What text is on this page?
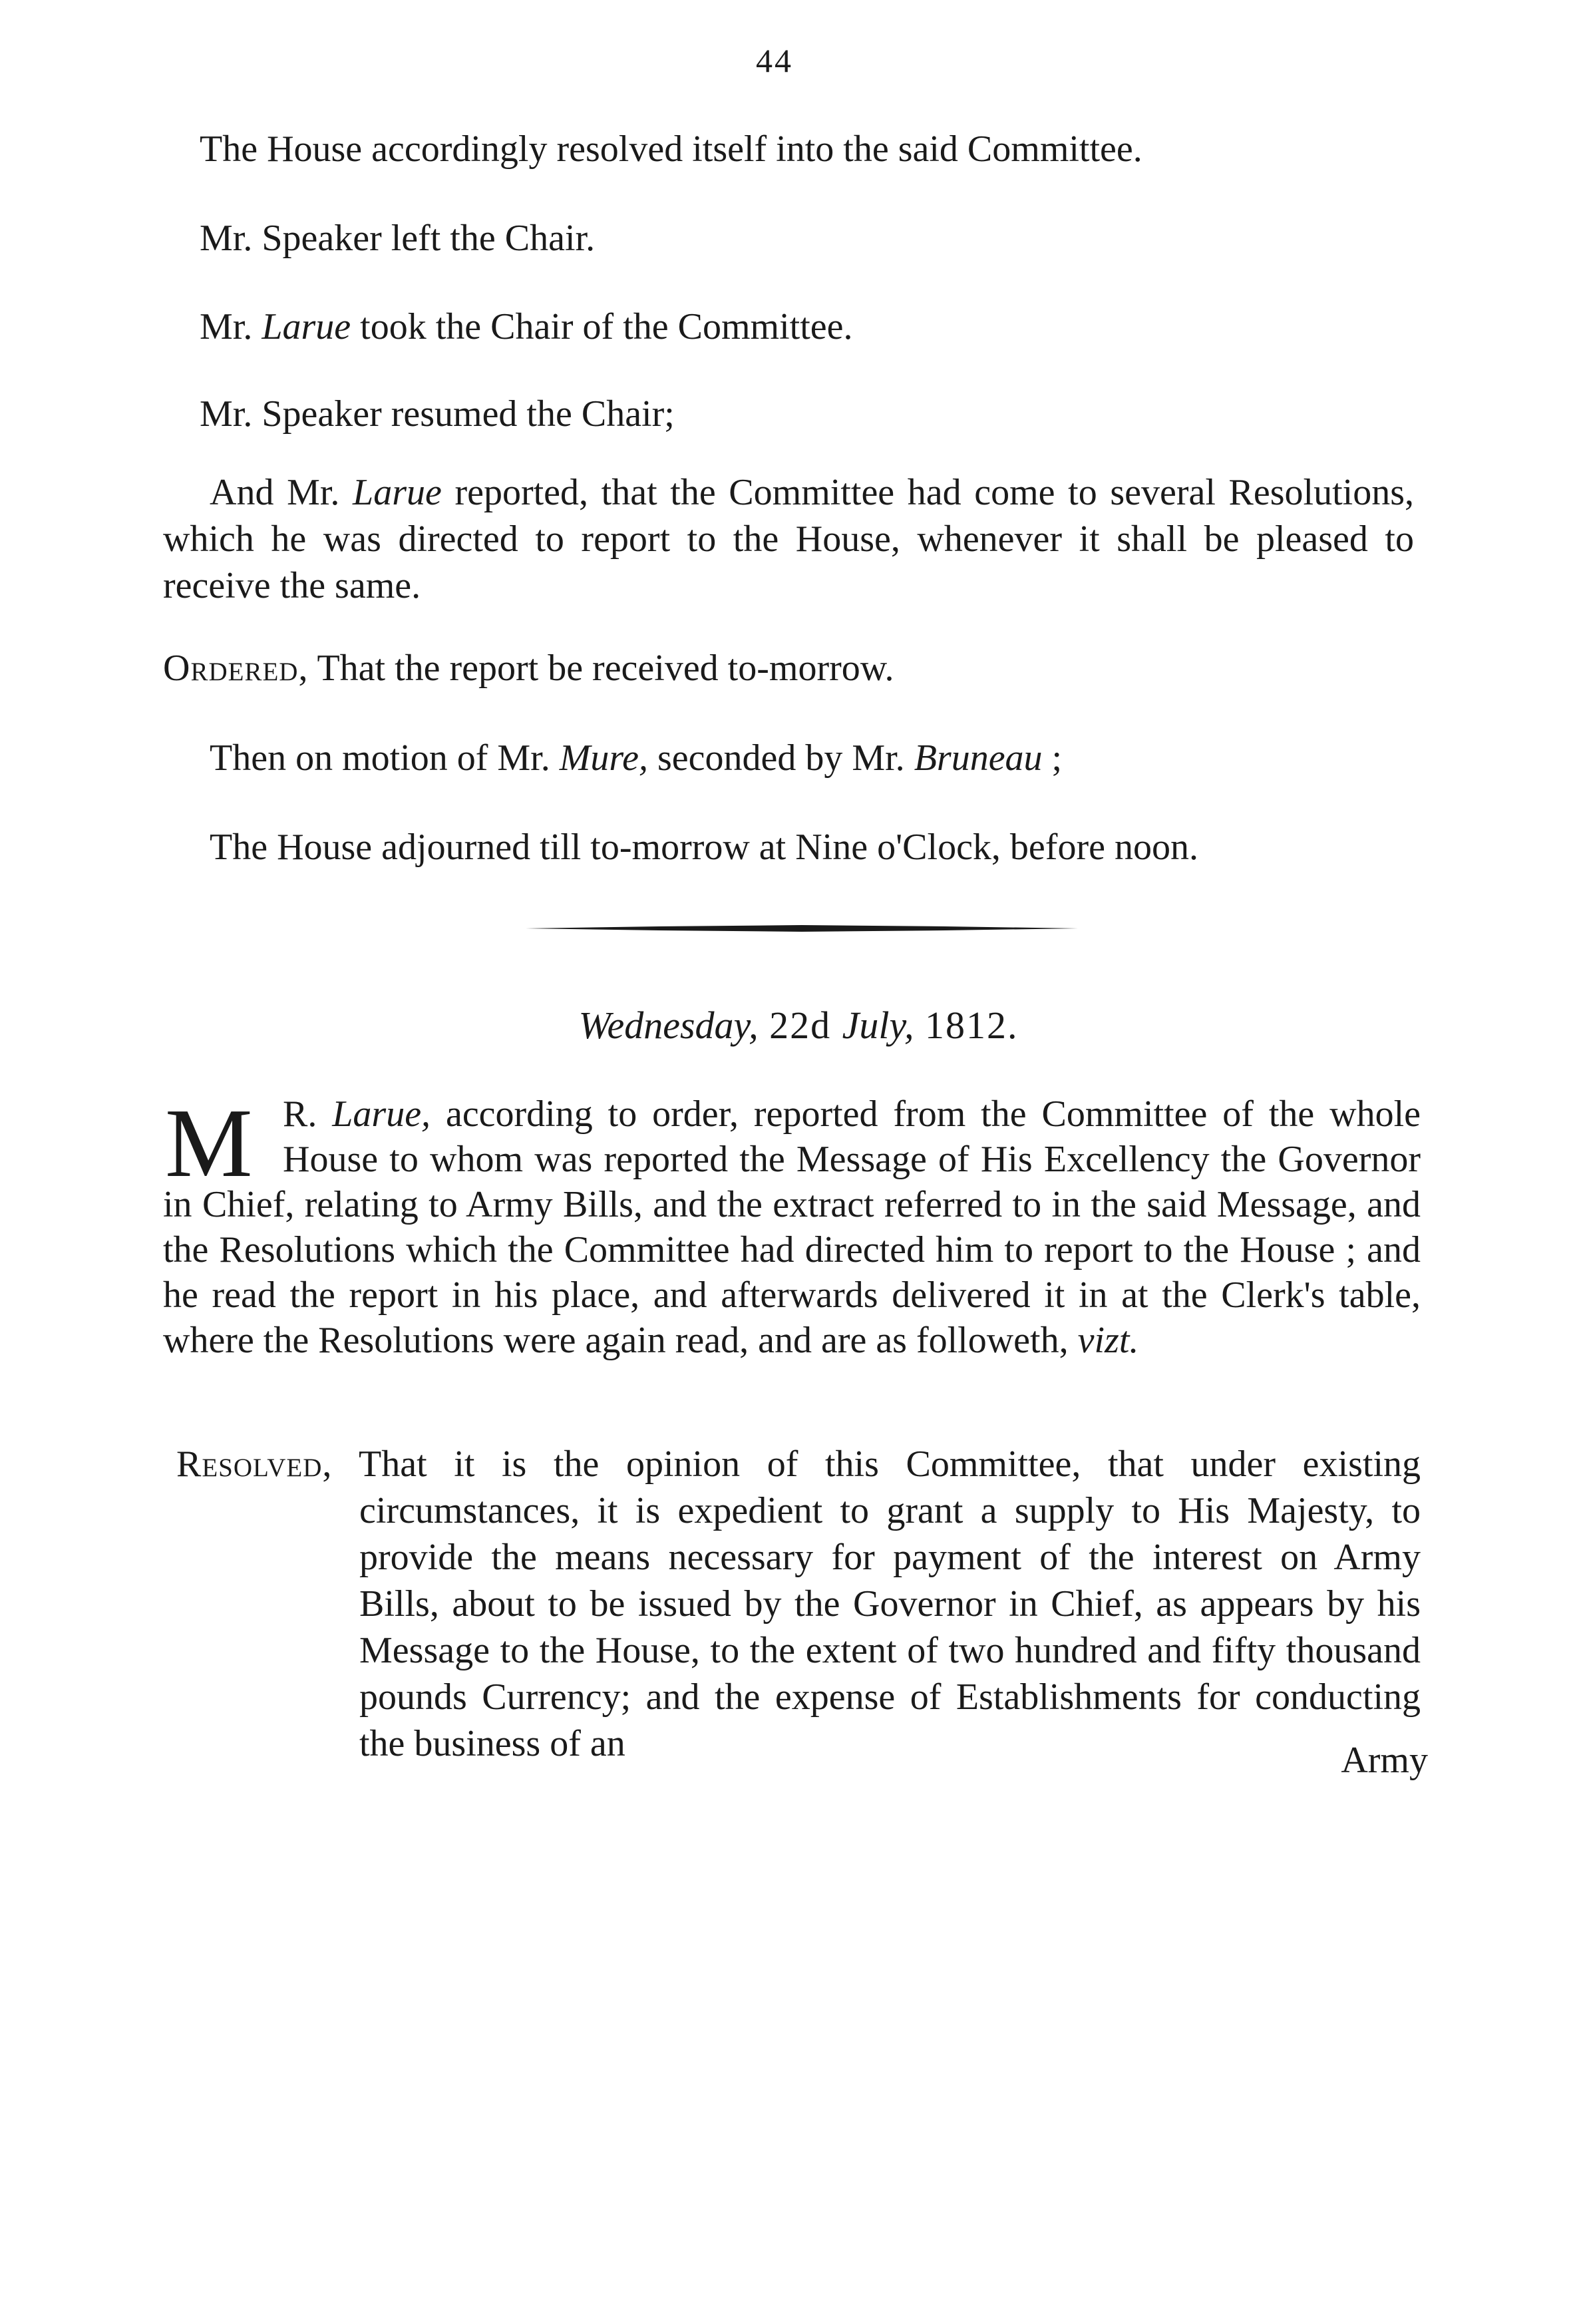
44
The House accordingly resolved itself into the said Committee.
Mr. Speaker left the Chair.
Mr. Larue took the Chair of the Committee.
Mr. Speaker resumed the Chair;
And Mr. Larue reported, that the Committee had come to several Resolutions, which he was directed to report to the House, whenever it shall be pleased to receive the same.
Ordered, That the report be received to-morrow.
Then on motion of Mr. Mure, seconded by Mr. Bruneau ;
The House adjourned till to-morrow at Nine o'Clock, before noon.
Wednesday, 22d July, 1812.
M R. Larue, according to order, reported from the Committee of the whole House to whom was reported the Message of His Excellency the Governor in Chief, relating to Army Bills, and the extract referred to in the said Message, and the Resolutions which the Committee had directed him to report to the House ; and he read the report in his place, and afterwards delivered it in at the Clerk's table, where the Resolutions were again read, and are as followeth, vizt.
Resolved, That it is the opinion of this Committee, that under existing circumstances, it is expedient to grant a supply to His Majesty, to provide the means necessary for payment of the interest on Army Bills, about to be issued by the Governor in Chief, as appears by his Message to the House, to the extent of two hundred and fifty thousand pounds Currency; and the expense of Establishments for conducting the business of an	Army
